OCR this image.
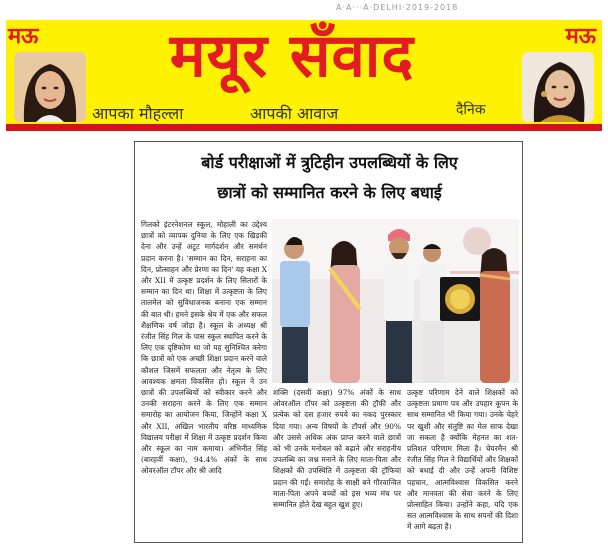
A·A···A·DELHI·2019-2018
मऊ	मऊ
मयूर सँवाद
आपका मौहल्ला	आपकी आवाज	दैनिक
बोर्ड परीक्षाओं में त्रुटिहीन उपलब्धियों के लिए
छात्रों को सम्मानित करने के लिए बधाई
गिलको इंटरनेशनल स्कूल, मोहाली का उद्देश्य छात्रों को व्यापक दुनिया के लिए एक खिड़की देना और उन्हें अटूट मार्गदर्शन और समर्थन प्रदान करना है। 'सम्मान का दिन, सराहना का दिन, प्रोत्साहन और प्रेरणा का दिन' यह कक्षा X और XII में उत्कृष्ट प्रदर्शन के लिए सितारों के सम्मान का दिन था। शिक्षा में उत्कृष्टता के लिए तालमेल को सुविधाजनक बनाना एक सम्मान की बात थी। हमने इसके श्रेय में एक और सफल शैक्षणिक वर्ष जोड़ा है। स्कूल के अध्यक्ष श्री रंजीत सिंह गिल के पास स्कूल स्थापित करने के लिए एक दृष्टिकोण था जो यह सुनिश्चित करेगा कि छात्रों को एक अच्छी शिक्षा प्रदान करने वाले कौशल जिसमें सफलता और नेतृत्व के लिए आवश्यक क्षमता विकसित हो। स्कूल ने उन छात्रों की उपलब्धियों को स्वीकार करने और उनकी सराहना करने के लिए एक सम्मान समारोह का आयोजन किया, जिन्होंने कक्षा X और XII, अखिल भारतीय वरिष्ठ माध्यमिक विद्यालय परीक्षा में शिक्षा में उत्कृष्ट प्रदर्शन किया और स्कूल का नाम कमाया। अभिनीत सिंह (बारहवीं कक्षा), 94.4% अंकों के साथ ओवरऑल टॉपर और श्री आदि
शक्ति (दसवीं कक्षा) 97% अंकों के साथ ओवरऑल टॉपर को उत्कृष्टता की ट्रॉफी और प्रत्येक को दस हजार रुपये का नकद पुरस्कार दिया गया। अन्य विषयों के टॉपर्स और 90% और उससे अधिक अंक प्राप्त करने वाले छात्रों को भी उनके मनोबल को बढ़ाने और सराहनीय उपलब्धि का जश्न मनाने के लिए माता-पिता और शिक्षकों की उपस्थिति में उत्कृष्टता की ट्रॉफियां प्रदान की गईं। समारोह के साक्षी बने गौरवान्वित माता-पिता अपने बच्चों को इस भव्य मंच पर सम्मानित होते देख बहुत खुश हुए।
उत्कृष्ट परिणाम देने वाले शिक्षकों को उत्कृष्टता प्रमाण पत्र और उपहार कूपन के साथ सम्मानित भी किया गया। उनके चेहरे पर खुशी और संतुष्टि का मेल साफ देखा जा सकता है क्योंकि मेहनत का शत-प्रतिशत परिणाम मिला है। चेयरमैन श्री रंजीत सिंह गिल ने विद्यार्थियों और शिक्षकों को बधाई दी और उन्हें अपनी विशिष्ट पहचान, आत्मविश्वास विकसित करने और मानवता की सेवा करने के लिए प्रोत्साहित किया। उन्होंने कहा, यदि एक सत आत्मविश्वास के साथ सपनों की दिशा में आगे बढ़ता है।
